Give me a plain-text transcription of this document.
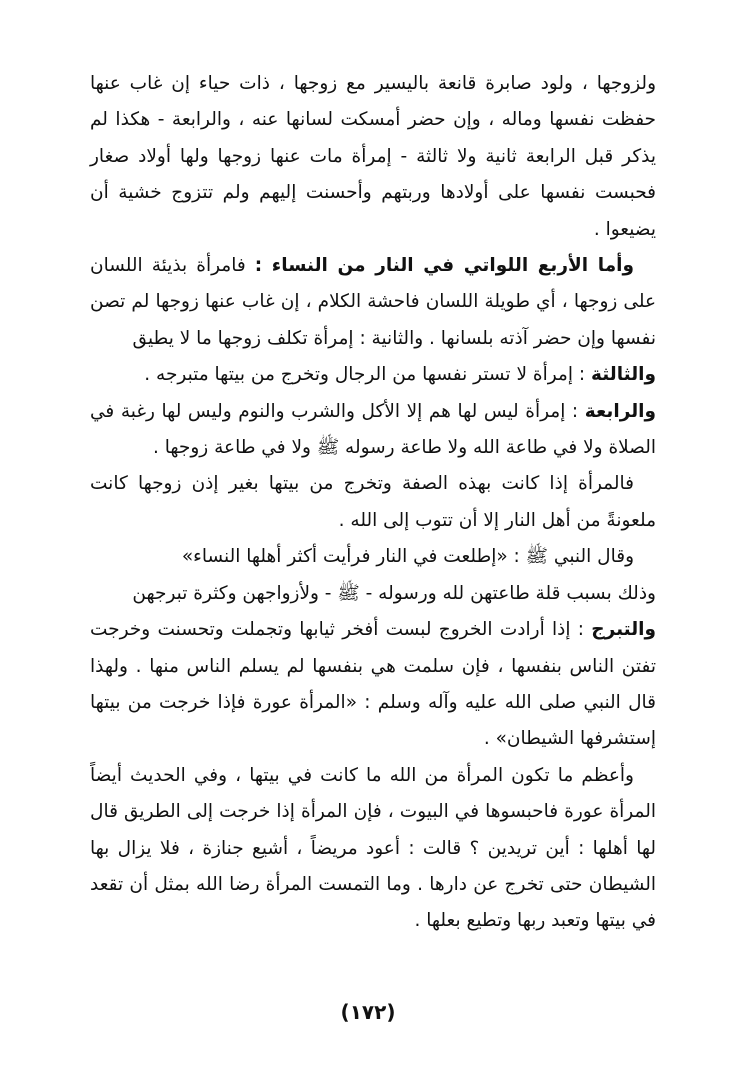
ولزوجها ، ولود صابرة قانعة باليسير مع زوجها ، ذات حياء إن غاب عنها حفظت نفسها وماله ، وإن حضر أمسكت لسانها عنه ، والرابعة - هكذا لم يذكر قبل الرابعة ثانية ولا ثالثة - إمرأة مات عنها زوجها ولها أولاد صغار فحبست نفسها على أولادها وربتهم وأحسنت إليهم ولم تتزوج خشية أن يضيعوا .

وأما الأربع اللواتي في النار من النساء : فامرأة بذيئة اللسان على زوجها ، أي طويلة اللسان فاحشة الكلام ، إن غاب عنها زوجها لم تصن نفسها وإن حضر آذته بلسانها . والثانية : إمرأة تكلف زوجها ما لا يطيق

والثالثة : إمرأة لا تستر نفسها من الرجال وتخرج من بيتها متبرجه .

والرابعة : إمرأة ليس لها هم إلا الأكل والشرب والنوم وليس لها رغبة في الصلاة ولا في طاعة الله ولا طاعة رسوله ﷺ ولا في طاعة زوجها .

فالمرأة إذا كانت بهذه الصفة وتخرج من بيتها بغير إذن زوجها كانت ملعونةً من أهل النار إلا أن تتوب إلى الله .

وقال النبي ﷺ : «إطلعت في النار فرأيت أكثر أهلها النساء»

وذلك بسبب قلة طاعتهن لله ورسوله - ﷺ - ولأزواجهن وكثرة تبرجهن

والتبرج : إذا أرادت الخروج لبست أفخر ثيابها وتجملت وتحسنت وخرجت تفتن الناس بنفسها ، فإن سلمت هي بنفسها لم يسلم الناس منها . ولهذا قال النبي صلى الله عليه وآله وسلم : «المرأة عورة فإذا خرجت من بيتها إستشرفها الشيطان» .

وأعظم ما تكون المرأة من الله ما كانت في بيتها ، وفي الحديث أيضاً المرأة عورة فاحبسوها في البيوت ، فإن المرأة إذا خرجت إلى الطريق قال لها أهلها : أين تريدين ؟ قالت : أعود مريضاً ، أشيع جنازة ، فلا يزال بها الشيطان حتى تخرج عن دارها . وما التمست المرأة رضا الله بمثل أن تقعد في بيتها وتعبد ربها وتطيع بعلها .

(١٧٢)
